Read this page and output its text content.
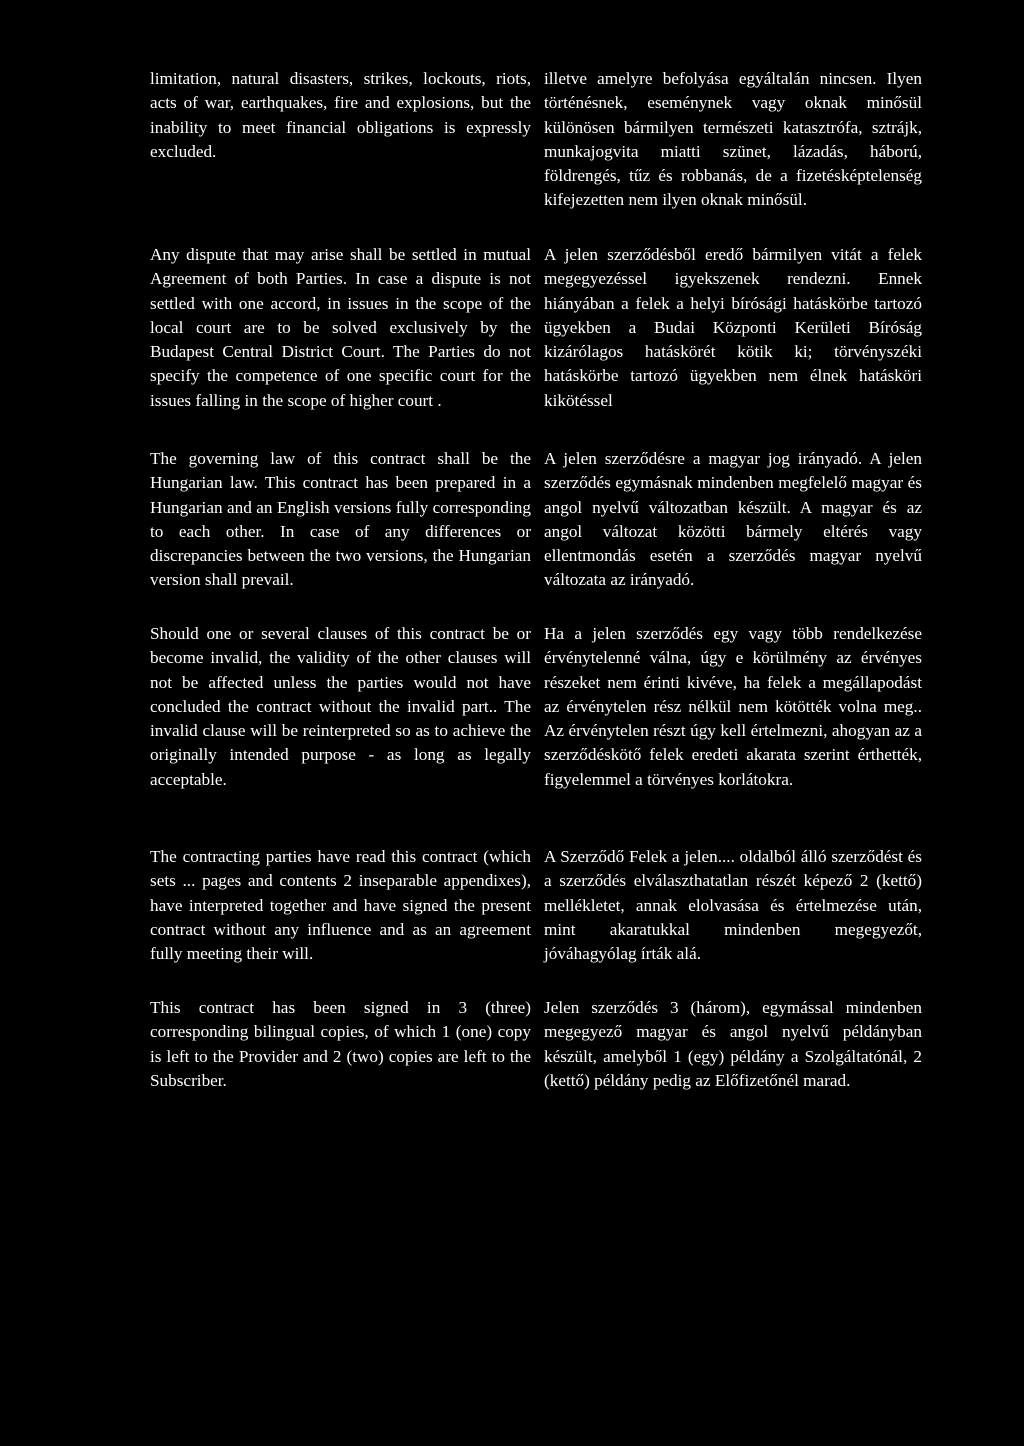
limitation, natural disasters, strikes, lockouts, riots, acts of war, earthquakes, fire and explosions, but the inability to meet financial obligations is expressly excluded.

illetve amelyre befolyása egyáltalán nincsen. Ilyen történésnek, eseménynek vagy oknak minősül különösen bármilyen természeti katasztrófa, sztrájk, munkajogvita miatti szünet, lázadás, háború, földrengés, tűz és robbanás, de a fizetésképtelenség kifejezetten nem ilyen oknak minősül.

Any dispute that may arise shall be settled in mutual Agreement of both Parties. In case a dispute is not settled with one accord, in issues in the scope of the local court are to be solved exclusively by the Budapest Central District Court. The Parties do not specify the competence of one specific court for the issues falling in the scope of higher court .

A jelen szerződésből eredő bármilyen vitát a felek megegyezéssel igyekszenek rendezni. Ennek hiányában a felek a helyi bírósági hatáskörbe tartozó ügyekben a Budai Központi Kerületi Bíróság kizárólagos hatáskörét kötik ki; törvényszéki hatáskörbe tartozó ügyekben nem élnek hatásköri kikötéssel

The governing law of this contract shall be the Hungarian law. This contract has been prepared in a Hungarian and an English versions fully corresponding to each other. In case of any differences or discrepancies between the two versions, the Hungarian version shall prevail.

A jelen szerződésre a magyar jog irányadó. A jelen szerződés egymásnak mindenben megfelelő magyar és angol nyelvű változatban készült. A magyar és az angol változat közötti bármely eltérés vagy ellentmondás esetén a szerződés magyar nyelvű változata az irányadó.

Should one or several clauses of this contract be or become invalid, the validity of the other clauses will not be affected unless the parties would not have concluded the contract without the invalid part.. The invalid clause will be reinterpreted so as to achieve the originally intended purpose - as long as legally acceptable.

Ha a jelen szerződés egy vagy több rendelkezése érvénytelenné válna, úgy e körülmény az érvényes részeket nem érinti kivéve, ha felek a megállapodást az érvénytelen rész nélkül nem kötötték volna meg.. Az érvénytelen részt úgy kell értelmezni, ahogyan az a szerződéskötő felek eredeti akarata szerint érthették, figyelemmel a törvényes korlátokra.

The contracting parties have read this contract (which sets ... pages and contents 2 inseparable appendixes), have interpreted together and have signed the present contract without any influence and as an agreement fully meeting their will.

A Szerződő Felek a jelen.... oldalból álló szerződést és a szerződés elválaszthatatlan részét képező 2 (kettő) mellékletet, annak elolvasása és értelmezése után, mint akaratukkal mindenben megegyezőt, jóváhagyólag írták alá.

This contract has been signed in 3 (three) corresponding bilingual copies, of which 1 (one) copy is left to the Provider and 2 (two) copies are left to the Subscriber.

Jelen szerződés 3 (három), egymással mindenben megegyező magyar és angol nyelvű példányban készült, amelyből 1 (egy) példány a Szolgáltatónál, 2 (kettő) példány pedig az Előfizetőnél marad.
